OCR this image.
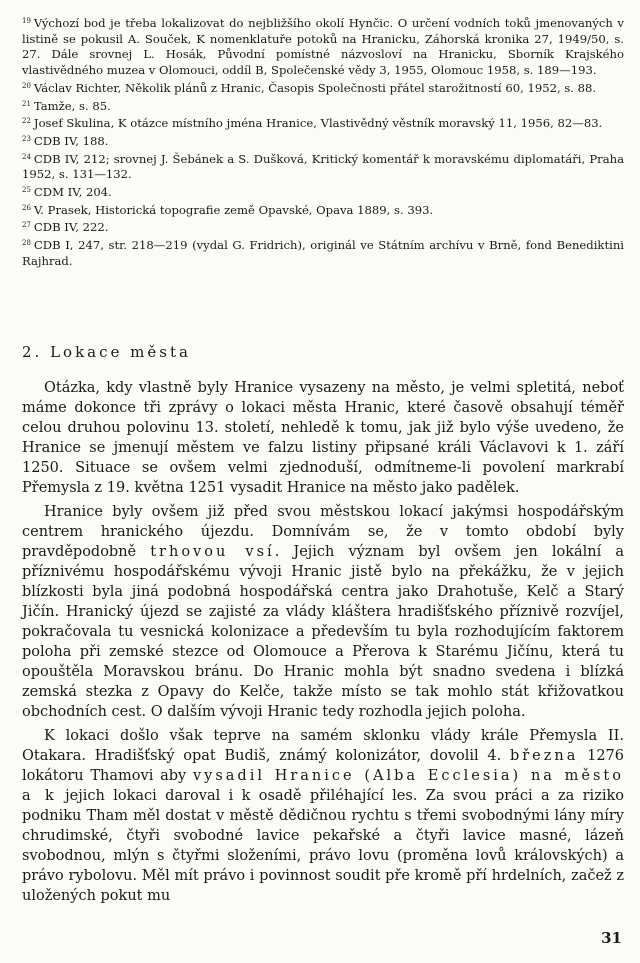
$^{19}$ Výchozí bod je třeba lokalizovat do nejbližšího okolí Hynčic. O určení vodních toků jmenovaných v listině se pokusil A. Souček, K nomenklatuře potoků na Hranicku, Záhorská kronika 27, 1949/50, s. 27. Dále srovnej L. Hosák, Původní pomístné názvosloví na Hranicku, Sborník Krajského vlastivědného muzea v Olomouci, oddíl B, Společenské vědy 3, 1955, Olomouc 1958, s. 189—193.

$^{20}$ Václav Richter, Několik plánů z Hranic, Časopis Společnosti přátel starožitností 60, 1952, s. 88.

$^{21}$ Tamže, s. 85.

$^{22}$ Josef Skulina, K otázce místního jména Hranice, Vlastivědný věstník moravský 11, 1956, 82—83.

$^{23}$ CDB IV, 188.

$^{24}$ CDB IV, 212; srovnej J. Šebánek a S. Dušková, Kritický komentář k moravskému diplomatáři, Praha 1952, s. 131—132.

$^{25}$ CDM IV, 204.

$^{26}$ V. Prasek, Historická topografie země Opavské, Opava 1889, s. 393.

$^{27}$ CDB IV, 222.

$^{28}$ CDB I, 247, str. 218—219 (vydal G. Fridrich), originál ve Státním archívu v Brně, fond Benediktini Rajhrad.

2. Lokace města

Otázka, kdy vlastně byly Hranice vysazeny na město, je velmi spletitá, neboť máme dokonce tři zprávy o lokaci města Hranic, které časově obsahují téměř celou druhou polovinu 13. století, nehledě k tomu, jak již bylo výše uvedeno, že Hranice se jmenují městem ve falzu listiny připsané králi Václavovi k 1. září 1250. Situace se ovšem velmi zjednoduší, odmítneme-li povolení markrabí Přemysla z 19. května 1251 vysadit Hranice na město jako padělek.

Hranice byly ovšem již před svou městskou lokací jakýmsi hospodářským centrem hranického újezdu. Domnívám se, že v tomto období byly pravděpodobně trhovou vsí. Jejich význam byl ovšem jen lokální a příznivému hospodářskému vývoji Hranic jistě bylo na překážku, že v jejich blízkosti byla jiná podobná hospodářská centra jako Drahotuše, Kelč a Starý Jičín. Hranický újezd se zajisté za vlády kláštera hradišťského příznivě rozvíjel, pokračovala tu vesnická kolonizace a především tu byla rozhodujícím faktorem poloha při zemské stezce od Olomouce a Přerova k Starému Jičínu, která tu opouštěla Moravskou bránu. Do Hranic mohla být snadno svedena i blízká zemská stezka z Opavy do Kelče, takže místo se tak mohlo stát křižovatkou obchodních cest. O dalším vývoji Hranic tedy rozhodla jejich poloha.

K lokaci došlo však teprve na samém sklonku vlády krále Přemysla II. Otakara. Hradišťský opat Budiš, známý kolonizátor, dovolil 4. března 1276 lokátoru Thamovi aby vysadil Hranice (Alba Ecclesia) na město a k jejich lokaci daroval i k osadě přiléhající les. Za svou práci a za riziko podniku Tham měl dostat v městě dědičnou rychtu s třemi svobodnými lány míry chrudimské, čtyři svobodné lavice pekařské a čtyři lavice masné, lázeň svobodnou, mlýn s čtyřmi složeními, právo lovu (proměna lovů královských) a právo rybolovu. Měl mít právo i povinnost soudit pře kromě pří hrdelních, začež z uložených pokut mu

31
